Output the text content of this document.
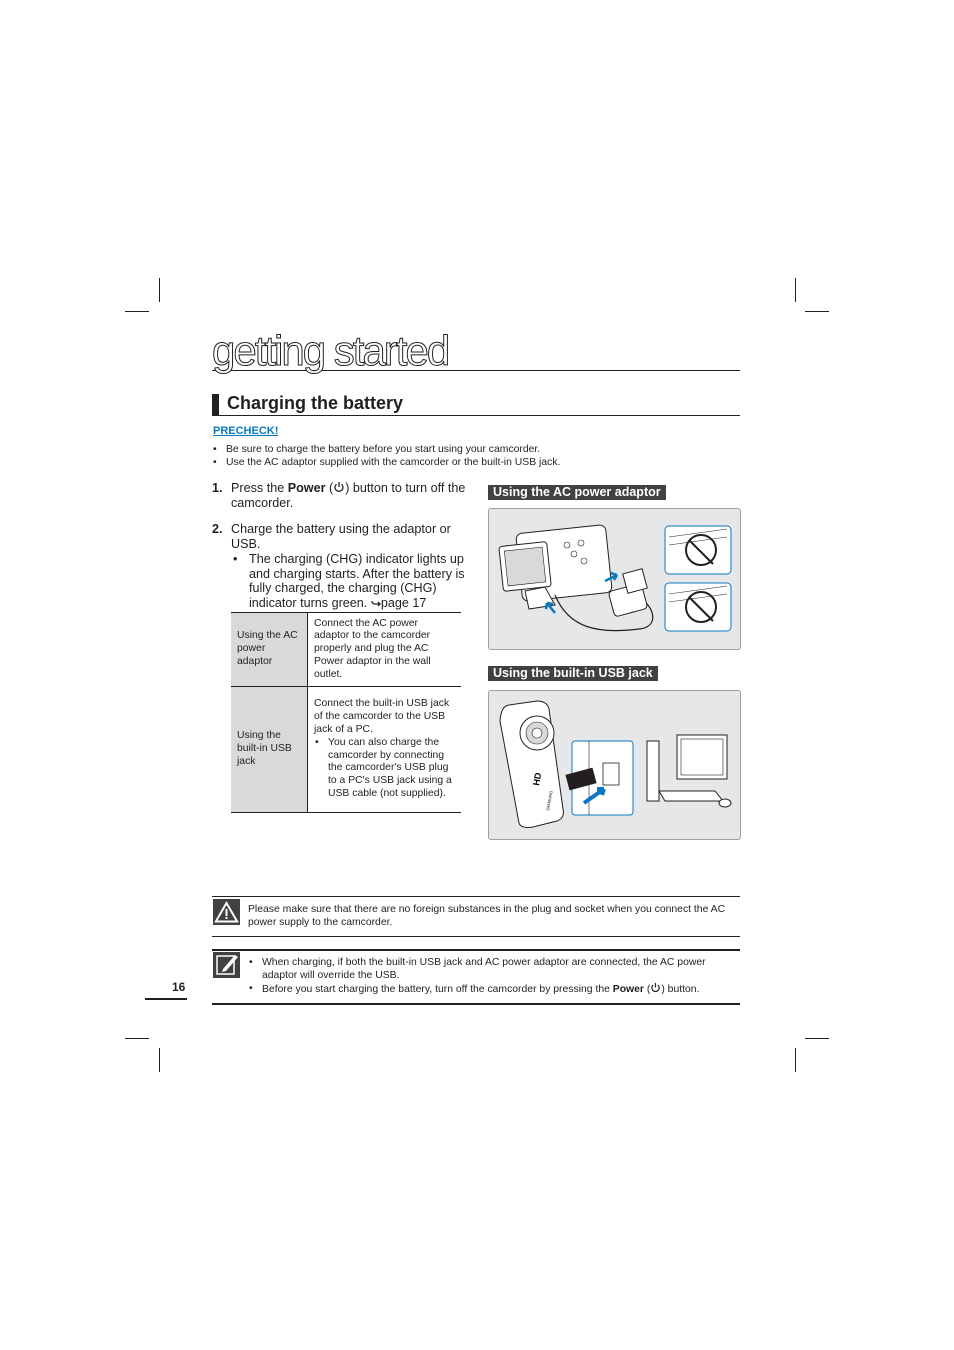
getting started
Charging the battery
PRECHECK!
• Be sure to charge the battery before you start using your camcorder.
• Use the AC adaptor supplied with the camcorder or the built-in USB jack.
1. Press the Power ( ) button to turn off the camcorder.
2. Charge the battery using the adaptor or USB.
• The charging (CHG) indicator lights up and charging starts. After the battery is fully charged, the charging (CHG) indicator turns green. page 17
Using the AC power adaptor	Connect the AC power adaptor to the camcorder properly and plug the AC Power adaptor in the wall outlet.
Using the built-in USB jack	Connect the built-in USB jack of the camcorder to the USB jack of a PC.
• You can also charge the camcorder by connecting the camcorder's USB plug to a PC's USB jack using a USB cable (not supplied).
Using the AC power adaptor
Using the built-in USB jack
HD
SAMSUNG
Please make sure that there are no foreign substances in the plug and socket when you connect the AC power supply to the camcorder.
• When charging, if both the built-in USB jack and AC power adaptor are connected, the AC power adaptor will override the USB.
• Before you start charging the battery, turn off the camcorder by pressing the Power ( ) button.
16
